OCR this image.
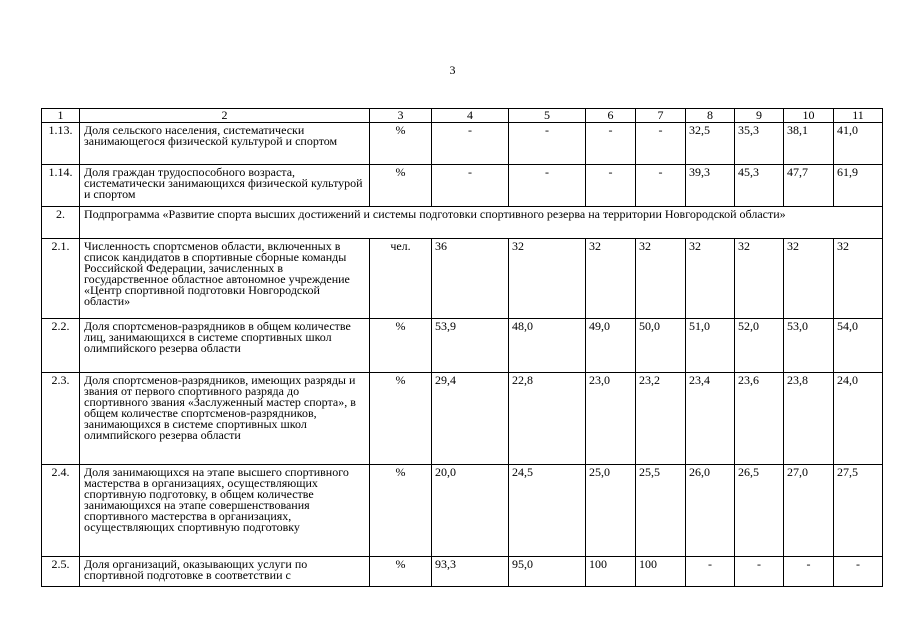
3
1	2	3	4	5	6	7	8	9	10	11
1.13.	Доля сельского населения, систематически занимающегося физической культурой и спортом	%	-	-	-	-	32,5	35,3	38,1	41,0
1.14.	Доля граждан трудоспособного возраста, систематически занимающихся физической культурой и спортом	%	-	-	-	-	39,3	45,3	47,7	61,9
2.	Подпрограмма «Развитие спорта высших достижений и системы подготовки спортивного резерва на территории Новгородской области»									
2.1.	Численность спортсменов области, включенных в список кандидатов в спортивные сборные команды Российской Федерации, зачисленных в государственное областное автономное учреждение «Центр спортивной подготовки Новгородской области»	чел.	36	32	32	32	32	32	32	32
2.2.	Доля спортсменов-разрядников в общем количестве лиц, занимающихся в системе спортивных школ олимпийского резерва области	%	53,9	48,0	49,0	50,0	51,0	52,0	53,0	54,0
2.3.	Доля спортсменов-разрядников, имеющих разряды и звания от первого спортивного разряда до спортивного звания «Заслуженный мастер спорта», в общем количестве спортсменов-разрядников, занимающихся в системе спортивных школ олимпийского резерва области	%	29,4	22,8	23,0	23,2	23,4	23,6	23,8	24,0
2.4.	Доля занимающихся на этапе высшего спортивного мастерства в организациях, осуществляющих спортивную подготовку, в общем количестве занимающихся на этапе совершенствования спортивного мастерства в организациях, осуществляющих спортивную подготовку	%	20,0	24,5	25,0	25,5	26,0	26,5	27,0	27,5
2.5.	Доля организаций, оказывающих услуги по спортивной подготовке в соответствии с	%	93,3	95,0	100	100	-	-	-	-
